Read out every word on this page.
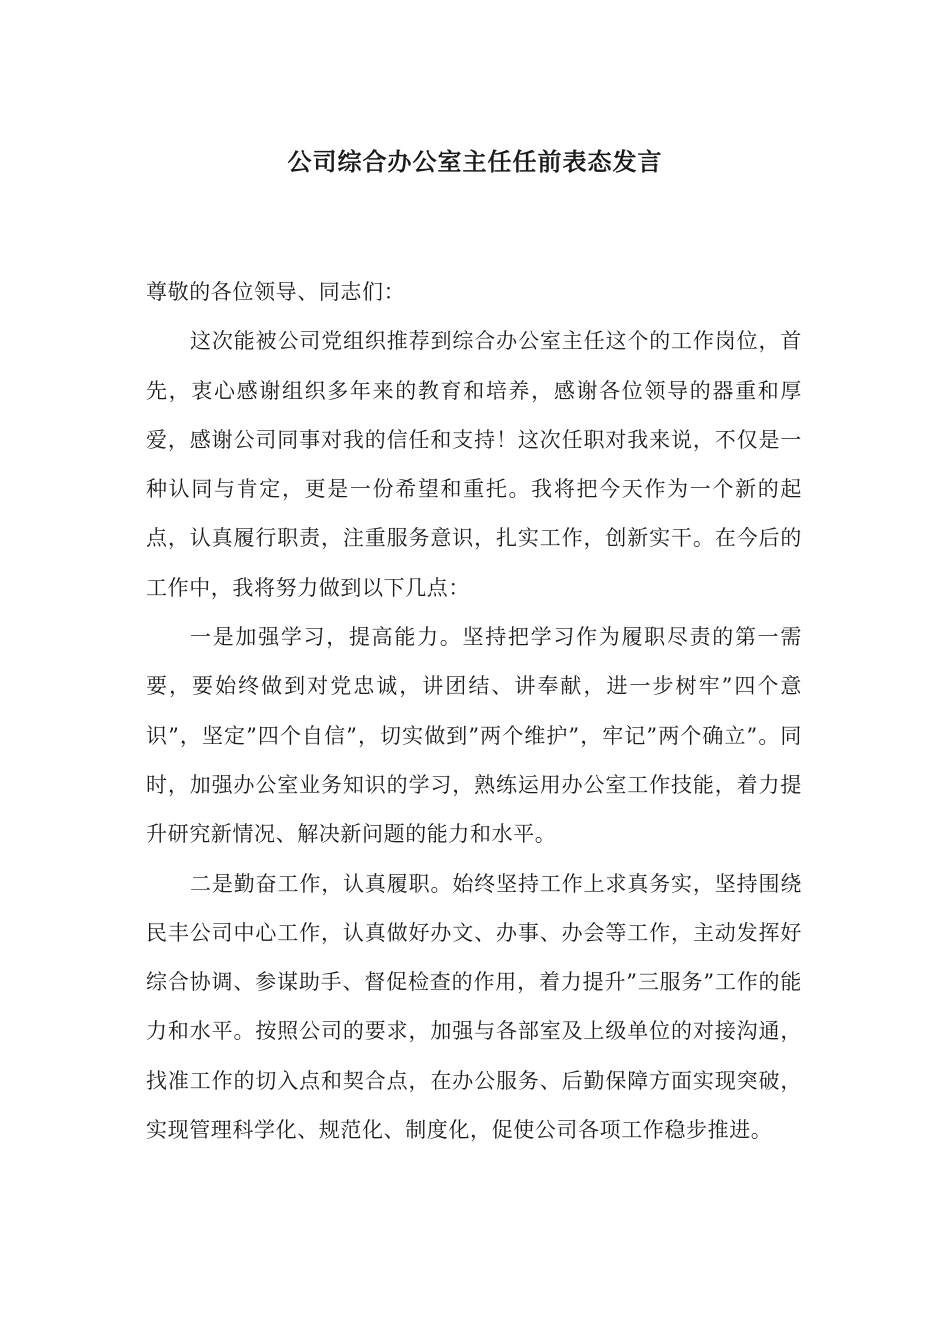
公司综合办公室主任任前表态发言

尊敬的各位领导、同志们：

这次能被公司党组织推荐到综合办公室主任这个的工作岗位，首先，衷心感谢组织多年来的教育和培养，感谢各位领导的器重和厚爱，感谢公司同事对我的信任和支持！这次任职对我来说，不仅是一种认同与肯定，更是一份希望和重托。我将把今天作为一个新的起点，认真履行职责，注重服务意识，扎实工作，创新实干。在今后的工作中，我将努力做到以下几点：

一是加强学习，提高能力。坚持把学习作为履职尽责的第一需要，要始终做到对党忠诚，讲团结、讲奉献，进一步树牢”四个意识”，坚定”四个自信”，切实做到”两个维护”，牢记”两个确立”。同时，加强办公室业务知识的学习，熟练运用办公室工作技能，着力提升研究新情况、解决新问题的能力和水平。

二是勤奋工作，认真履职。始终坚持工作上求真务实，坚持围绕民丰公司中心工作，认真做好办文、办事、办会等工作，主动发挥好综合协调、参谋助手、督促检查的作用，着力提升”三服务”工作的能力和水平。按照公司的要求，加强与各部室及上级单位的对接沟通，找准工作的切入点和契合点，在办公服务、后勤保障方面实现突破，实现管理科学化、规范化、制度化，促使公司各项工作稳步推进。
